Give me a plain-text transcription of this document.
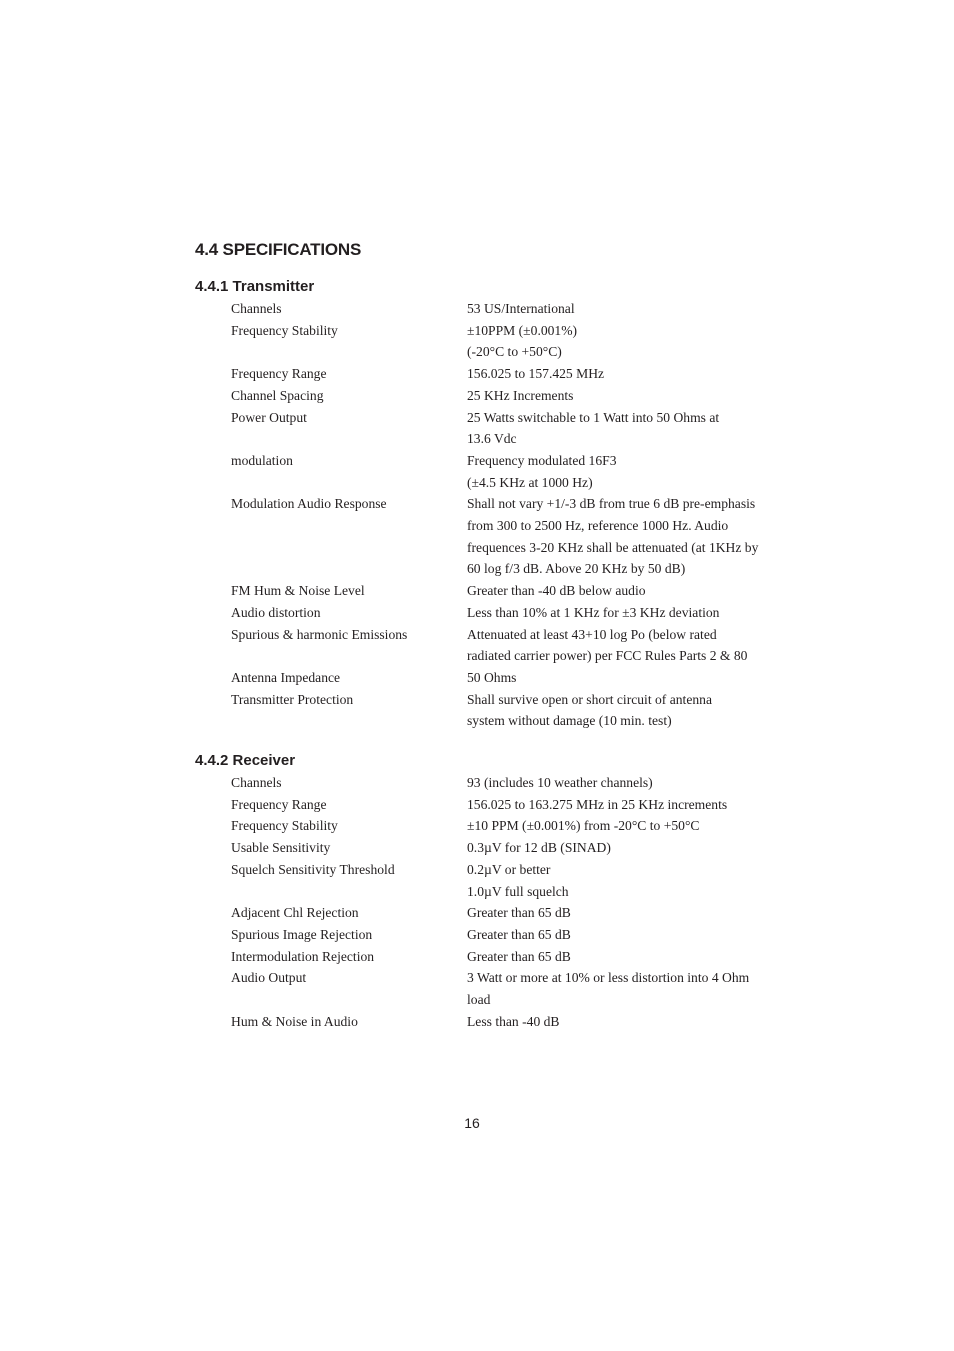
4.4 SPECIFICATIONS
4.4.1 Transmitter
Channels	53 US/International
Frequency Stability	±10PPM (±0.001%)
(-20°C to +50°C)
Frequency Range	156.025 to 157.425 MHz
Channel Spacing	25 KHz Increments
Power Output	25 Watts switchable to 1 Watt into 50 Ohms at
13.6 Vdc
modulation	Frequency modulated 16F3
(±4.5 KHz at 1000 Hz)
Modulation Audio Response	Shall not vary +1/-3 dB from true 6 dB pre-emphasis
from 300 to 2500 Hz, reference 1000 Hz. Audio
frequences 3-20 KHz shall be attenuated (at 1KHz by
60 log f/3 dB. Above 20 KHz by 50 dB)
FM Hum & Noise Level	Greater than -40 dB below audio
Audio distortion	Less than 10% at 1 KHz for ±3 KHz deviation
Spurious & harmonic Emissions	Attenuated at least 43+10 log Po (below rated
radiated carrier power) per FCC Rules Parts 2 & 80
Antenna Impedance	50 Ohms
Transmitter Protection	Shall survive open or short circuit of antenna
system without damage (10 min. test)
4.4.2 Receiver
Channels	93 (includes 10 weather channels)
Frequency Range	156.025 to 163.275 MHz in 25 KHz increments
Frequency Stability	±10 PPM (±0.001%) from -20°C to +50°C
Usable Sensitivity	0.3µV for 12 dB (SINAD)
Squelch Sensitivity Threshold	0.2µV or better
1.0µV full squelch
Adjacent Chl Rejection	Greater than 65 dB
Spurious Image Rejection	Greater than 65 dB
Intermodulation Rejection	Greater than 65 dB
Audio Output	3 Watt or more at 10% or less distortion into 4 Ohm
load
Hum & Noise in Audio	Less than -40 dB
16
